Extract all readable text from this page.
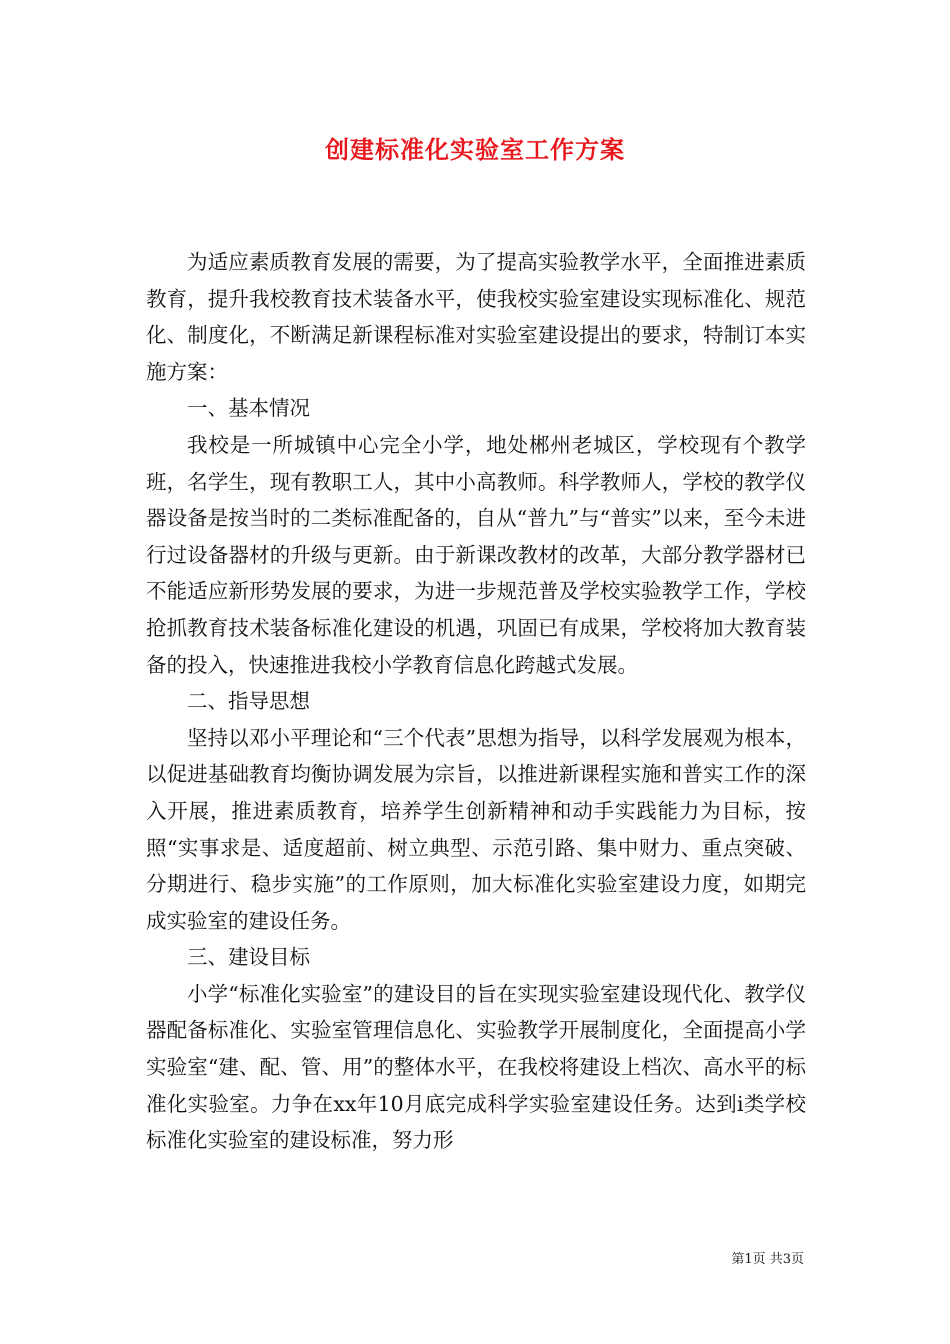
创建标准化实验室工作方案

为适应素质教育发展的需要，为了提高实验教学水平，全面推进素质教育，提升我校教育技术装备水平，使我校实验室建设实现标准化、规范化、制度化，不断满足新课程标准对实验室建设提出的要求，特制订本实施方案：

一、基本情况

我校是一所城镇中心完全小学，地处郴州老城区，学校现有个教学班，名学生，现有教职工人，其中小高教师。科学教师人，学校的教学仪器设备是按当时的二类标准配备的，自从“普九”与“普实”以来，至今未进行过设备器材的升级与更新。由于新课改教材的改革，大部分教学器材已不能适应新形势发展的要求，为进一步规范普及学校实验教学工作，学校抢抓教育技术装备标准化建设的机遇，巩固已有成果，学校将加大教育装备的投入，快速推进我校小学教育信息化跨越式发展。

二、指导思想

坚持以邓小平理论和“三个代表”思想为指导，以科学发展观为根本，以促进基础教育均衡协调发展为宗旨，以推进新课程实施和普实工作的深入开展，推进素质教育，培养学生创新精神和动手实践能力为目标，按照“实事求是、适度超前、树立典型、示范引路、集中财力、重点突破、分期进行、稳步实施”的工作原则，加大标准化实验室建设力度，如期完成实验室的建设任务。

三、建设目标

小学“标准化实验室”的建设目的旨在实现实验室建设现代化、教学仪器配备标准化、实验室管理信息化、实验教学开展制度化，全面提高小学实验室“建、配、管、用”的整体水平，在我校将建设上档次、高水平的标准化实验室。力争在xx年10月底完成科学实验室建设任务。达到i类学校标准化实验室的建设标准，努力形

第1页 共3页
